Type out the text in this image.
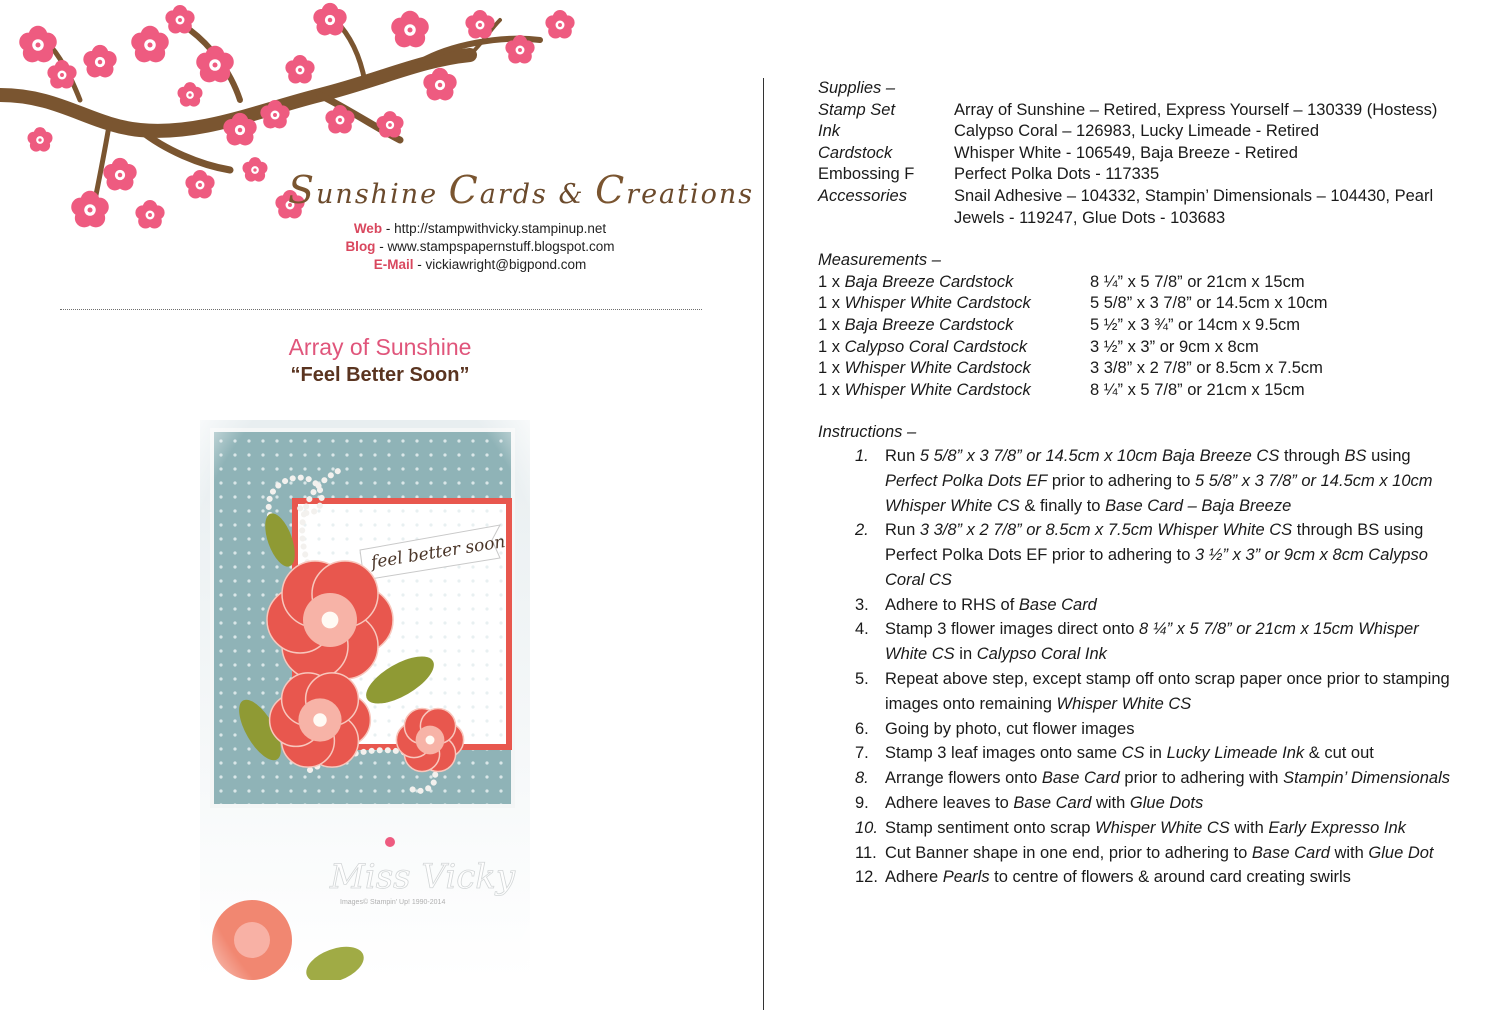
Sunshine Cards & Creations
Web - http://stampwithvicky.stampinup.net
Blog - www.stampspapernstuff.blogspot.com
E-Mail - vickiawright@bigpond.com
Array of Sunshine
“Feel Better Soon”
Supplies –
Stamp Set	Array of Sunshine – Retired, Express Yourself – 130339 (Hostess)
Ink	Calypso Coral – 126983, Lucky Limeade - Retired
Cardstock	Whisper White - 106549, Baja Breeze - Retired
Embossing F	Perfect Polka Dots - 117335
Accessories	Snail Adhesive – 104332, Stampin’ Dimensionals – 104430, Pearl Jewels - 119247, Glue Dots - 103683
Measurements –
1 x Baja Breeze Cardstock	8 ¼” x 5 7/8” or 21cm x 15cm
1 x Whisper White Cardstock	5 5/8” x 3 7/8” or 14.5cm x 10cm
1 x Baja Breeze Cardstock	5 ½” x 3 ¾” or 14cm x 9.5cm
1 x Calypso Coral Cardstock	3 ½” x 3” or 9cm x 8cm
1 x Whisper White Cardstock	3 3/8” x 2 7/8” or 8.5cm x 7.5cm
1 x Whisper White Cardstock	8 ¼” x 5 7/8” or 21cm x 15cm
Instructions –
1. Run 5 5/8” x 3 7/8” or 14.5cm x 10cm Baja Breeze CS through BS using Perfect Polka Dots EF prior to adhering to 5 5/8” x 3 7/8” or 14.5cm x 10cm Whisper White CS & finally to Base Card – Baja Breeze
2. Run 3 3/8” x 2 7/8” or 8.5cm x 7.5cm Whisper White CS through BS using Perfect Polka Dots EF prior to adhering to 3 ½” x 3” or 9cm x 8cm Calypso Coral CS
3. Adhere to RHS of Base Card
4. Stamp 3 flower images direct onto 8 ¼” x 5 7/8” or 21cm x 15cm Whisper White CS in Calypso Coral Ink
5. Repeat above step, except stamp off onto scrap paper once prior to stamping images onto remaining Whisper White CS
6. Going by photo, cut flower images
7. Stamp 3 leaf images onto same CS in Lucky Limeade Ink & cut out
8. Arrange flowers onto Base Card prior to adhering with Stampin’ Dimensionals
9. Adhere leaves to Base Card with Glue Dots
10. Stamp sentiment onto scrap Whisper White CS with Early Expresso Ink
11. Cut Banner shape in one end, prior to adhering to Base Card with Glue Dot
12. Adhere Pearls to centre of flowers & around card creating swirls
